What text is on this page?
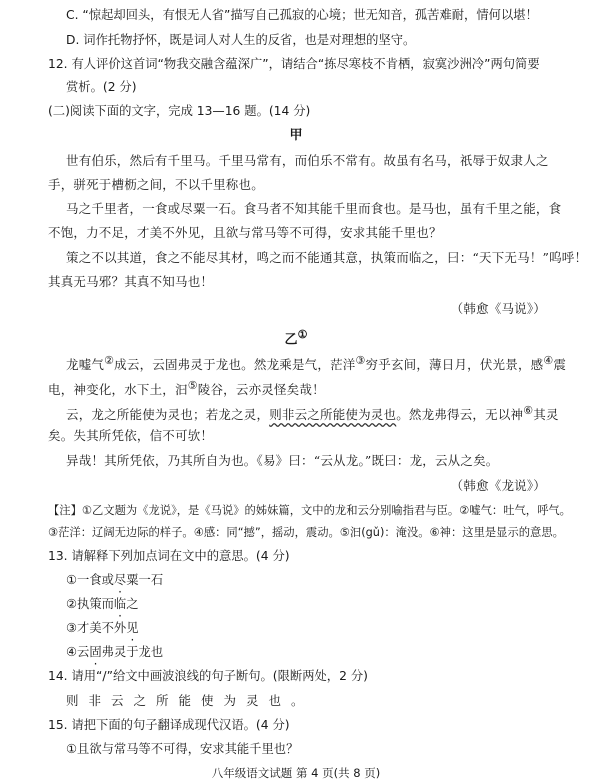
C. “惊起却回头，有恨无人省”描写自己孤寂的心境；世无知音，孤苦难耐，情何以堪！
D. 词作托物抒怀，既是词人对人生的反省，也是对理想的坚守。
12. 有人评价这首词“物我交融含蕴深广”，请结合“拣尽寒枝不肯栖，寂寞沙洲冷”两句简要
赏析。(2 分)
(二)阅读下面的文字，完成 13—16 题。(14 分)
甲
世有伯乐，然后有千里马。千里马常有，而伯乐不常有。故虽有名马，祇辱于奴隶人之
手，骈死于槽枥之间，不以千里称也。
马之千里者，一食或尽粟一石。食马者不知其能千里而食也。是马也，虽有千里之能，食
不饱，力不足，才美不外见，且欲与常马等不可得，安求其能千里也？
策之不以其道，食之不能尽其材，鸣之而不能通其意，执策而临之，曰：“天下无马！”呜呼！
其真无马邪？其真不知马也！
（韩愈《马说》）
乙①
龙嘘气②成云，云固弗灵于龙也。然龙乘是气，茫洋③穷乎玄间，薄日月，伏光景，感④震
电，神变化，水下土，汩⑤陵谷，云亦灵怪矣哉！
云，龙之所能使为灵也；若龙之灵，则非云之所能使为灵也。然龙弗得云，无以神⑥其灵
矣。失其所凭依，信不可欤！
异哉！其所凭依，乃其所自为也。《易》曰：“云从龙。”既曰：龙，云从之矣。
（韩愈《龙说》）
【注】①乙文题为《龙说》，是《马说》的姊妹篇，文中的龙和云分别喻指君与臣。②嘘气：吐气，呼气。
③茫洋：辽阔无边际的样子。④感：同“撼”，摇动，震动。⑤汩(gǔ)：淹没。⑥神：这里是显示的意思。
13. 请解释下列加点词在文中的意思。(4 分)
①一食或尽粟一石
②执策而临之
③才美不外见
④云固弗灵于龙也
14. 请用“/”给文中画波浪线的句子断句。(限断两处，2 分)
则非云之所能使为灵也。
15. 请把下面的句子翻译成现代汉语。(4 分)
①且欲与常马等不可得，安求其能千里也？
八年级语文试题 第 4 页(共 8 页)
